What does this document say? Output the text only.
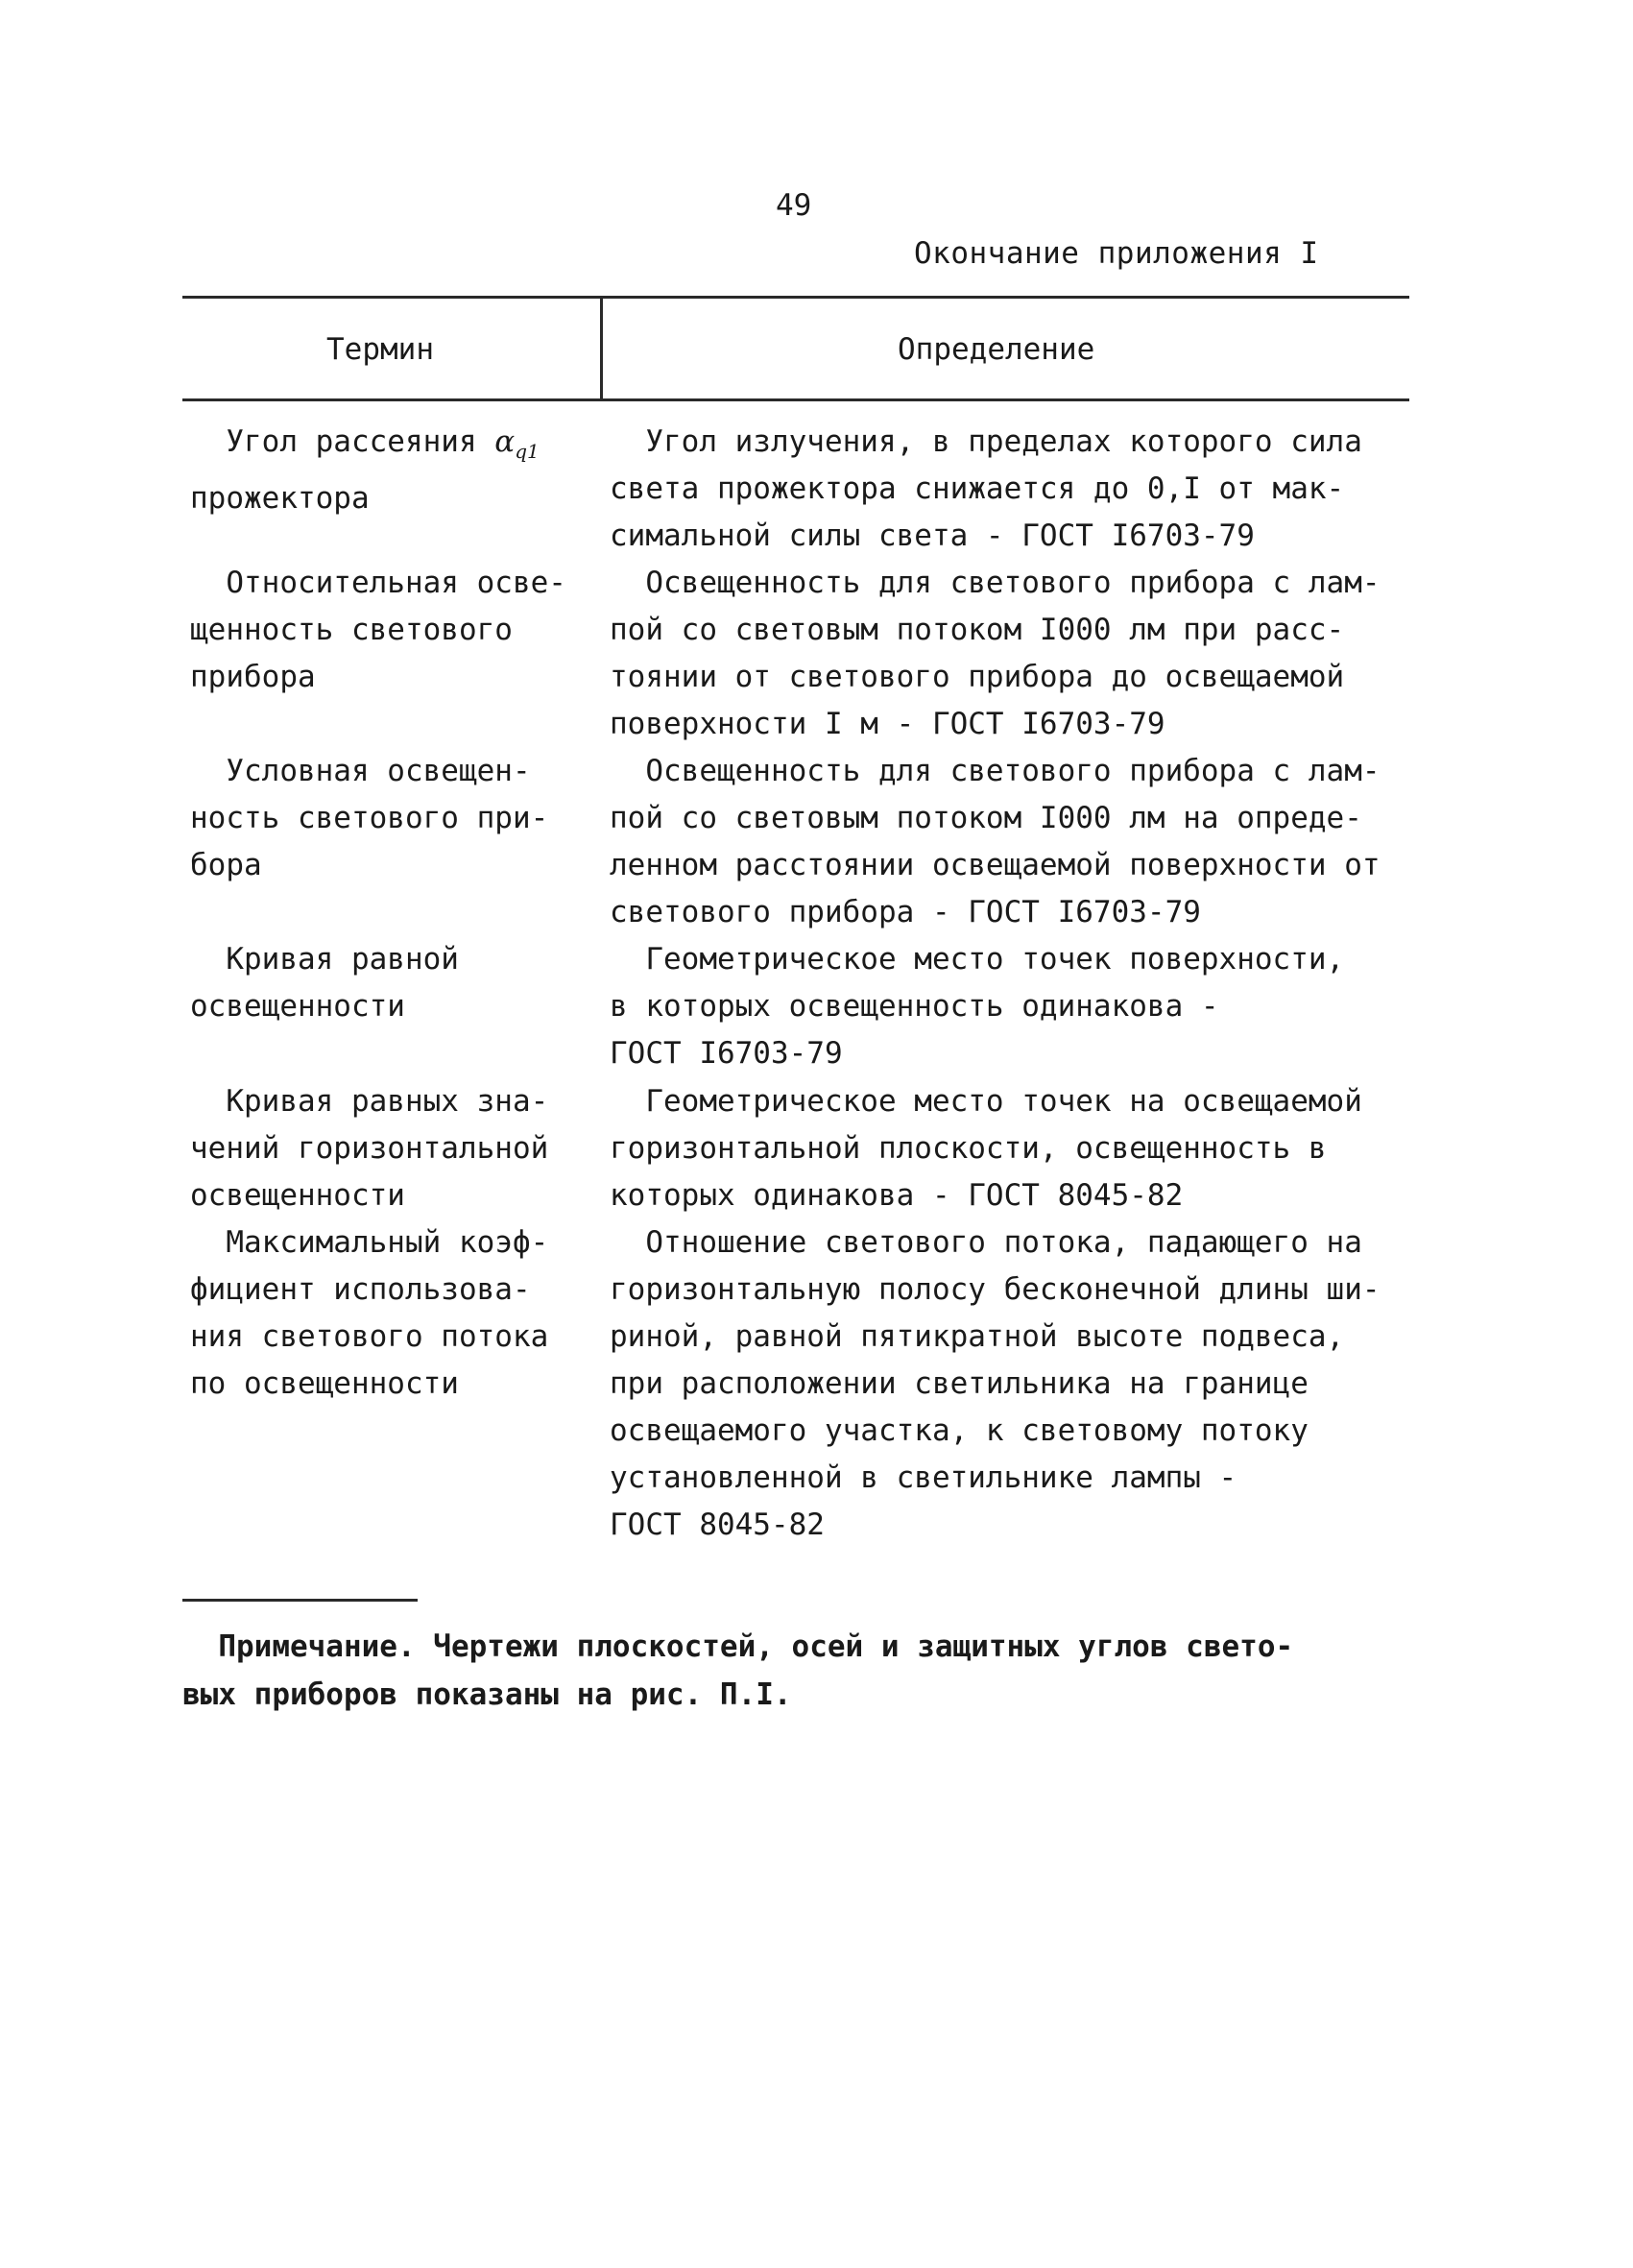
49
Окончание приложения I
Термин	Определение
Угол рассеяния $\alpha_{q1}$
прожектора
Угол излучения, в пределах которого сила
света прожектора снижается до 0,I от мак-
симальной силы света - ГОСТ I6703-79
Относительная осве-
щенность светового
прибора
Освещенность для светового прибора с лам-
пой со световым потоком I000 лм при расс-
тоянии от светового прибора до освещаемой
поверхности I м - ГОСТ I6703-79
Условная освещен-
ность светового при-
бора
Освещенность для светового прибора с лам-
пой со световым потоком I000 лм на опреде-
ленном расстоянии освещаемой поверхности от
светового прибора - ГОСТ I6703-79
Кривая равной
освещенности
Геометрическое место точек поверхности,
в которых освещенность одинакова -
ГОСТ I6703-79
Кривая равных зна-
чений горизонтальной
освещенности
Геометрическое место точек на освещаемой
горизонтальной плоскости, освещенность в
которых одинакова - ГОСТ 8045-82
Максимальный коэф-
фициент использова-
ния светового потока
по освещенности
Отношение светового потока, падающего на
горизонтальную полосу бесконечной длины ши-
риной, равной пятикратной высоте подвеса,
при расположении светильника на границе
освещаемого участка, к световому потоку
установленной в светильнике лампы -
ГОСТ 8045-82
Примечание. Чертежи плоскостей, осей и защитных углов свето-
вых приборов показаны на рис. П.I.
